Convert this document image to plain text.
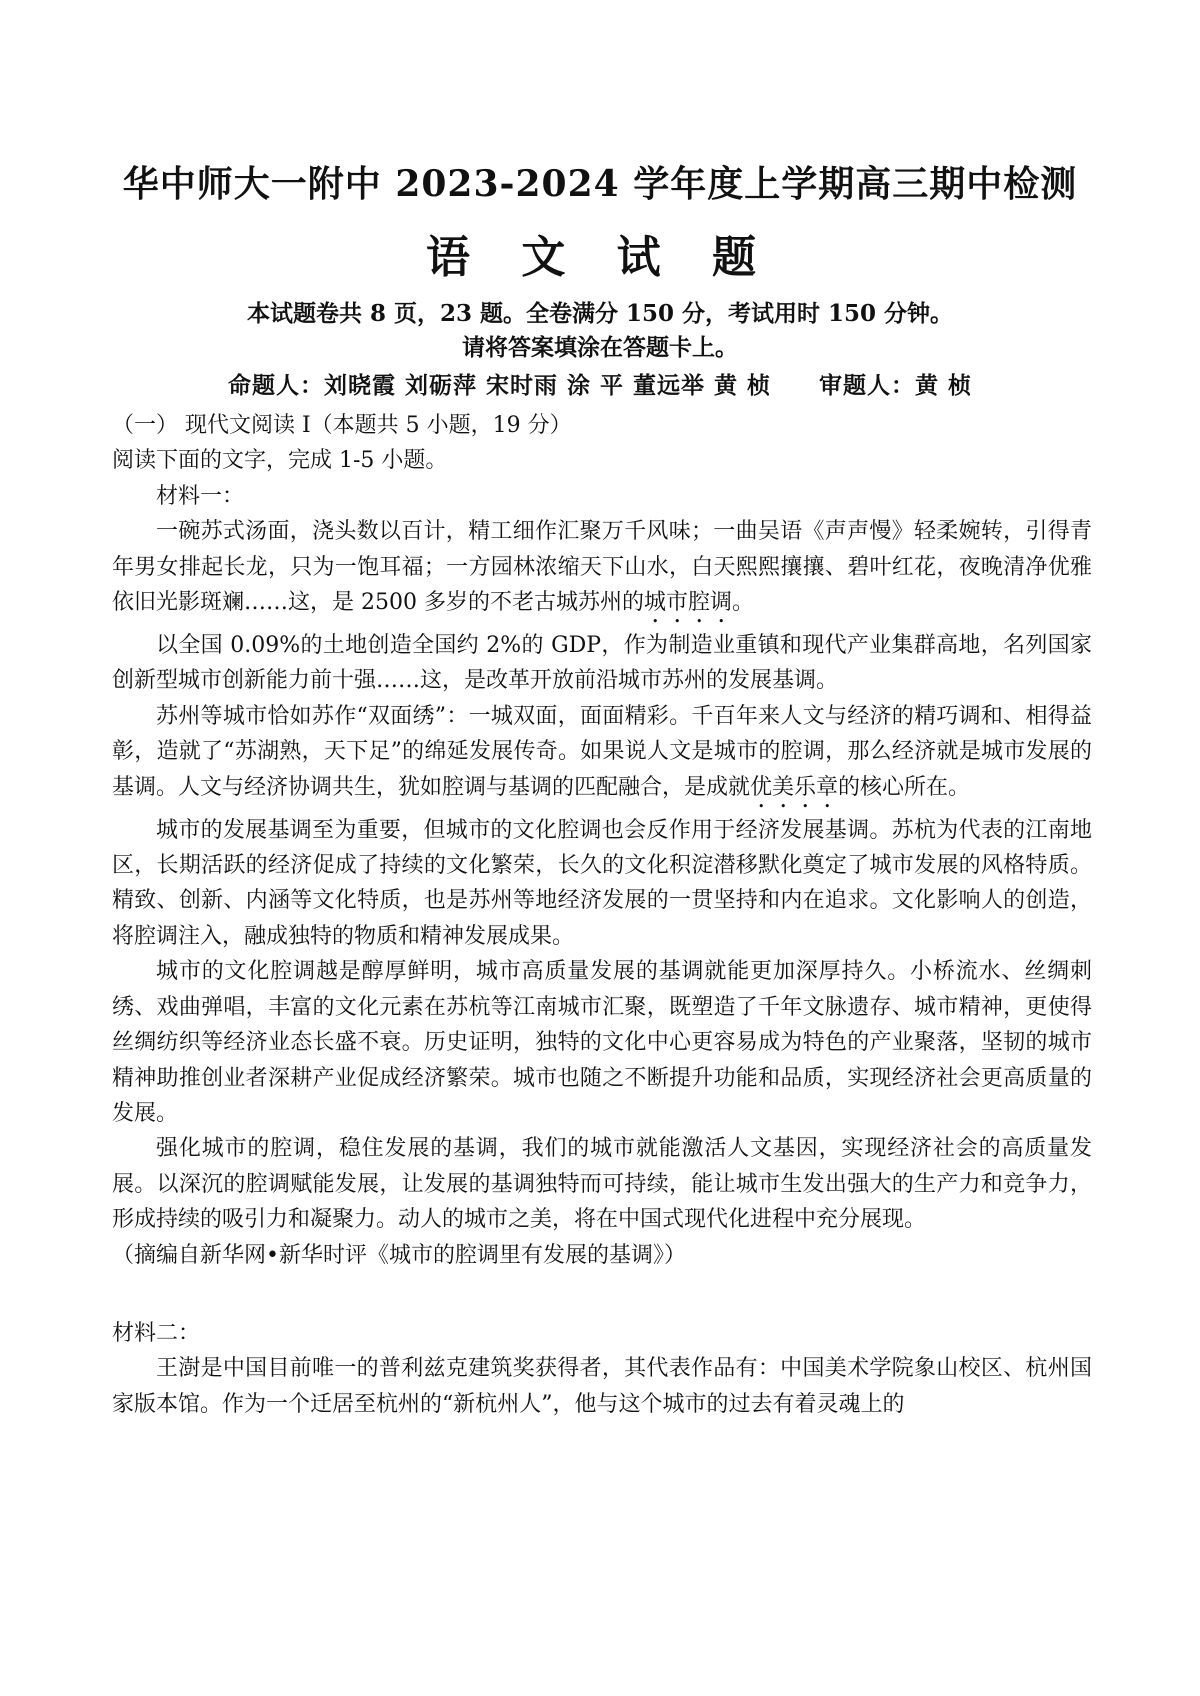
华中师大一附中 2023-2024 学年度上学期高三期中检测
语 文 试 题
本试题卷共 8 页，23 题。全卷满分 150 分，考试用时 150 分钟。
请将答案填涂在答题卡上。
命题人：刘晓霞 刘砺萍 宋时雨 涂 平 董远举 黄 桢　　审题人：黄 桢

（一） 现代文阅读 I（本题共 5 小题，19 分）

阅读下面的文字，完成 1-5 小题。

材料一：

一碗苏式汤面，浇头数以百计，精工细作汇聚万千风味；一曲吴语《声声慢》轻柔婉转，引得青年男女排起长龙，只为一饱耳福；一方园林浓缩天下山水，白天熙熙攘攘、碧叶红花，夜晚清净优雅依旧光影斑斓……这，是 2500 多岁的不老古城苏州的城市腔调。

以全国 0.09%的土地创造全国约 2%的 GDP，作为制造业重镇和现代产业集群高地，名列国家创新型城市创新能力前十强……这，是改革开放前沿城市苏州的发展基调。

苏州等城市恰如苏作“双面绣”：一城双面，面面精彩。千百年来人文与经济的精巧调和、相得益彰，造就了“苏湖熟，天下足”的绵延发展传奇。如果说人文是城市的腔调，那么经济就是城市发展的基调。人文与经济协调共生，犹如腔调与基调的匹配融合，是成就优美乐章的核心所在。

城市的发展基调至为重要，但城市的文化腔调也会反作用于经济发展基调。苏杭为代表的江南地区，长期活跃的经济促成了持续的文化繁荣，长久的文化积淀潜移默化奠定了城市发展的风格特质。精致、创新、内涵等文化特质，也是苏州等地经济发展的一贯坚持和内在追求。文化影响人的创造，将腔调注入，融成独特的物质和精神发展成果。

城市的文化腔调越是醇厚鲜明，城市高质量发展的基调就能更加深厚持久。小桥流水、丝绸刺绣、戏曲弹唱，丰富的文化元素在苏杭等江南城市汇聚，既塑造了千年文脉遗存、城市精神，更使得丝绸纺织等经济业态长盛不衰。历史证明，独特的文化中心更容易成为特色的产业聚落，坚韧的城市精神助推创业者深耕产业促成经济繁荣。城市也随之不断提升功能和品质，实现经济社会更高质量的发展。

强化城市的腔调，稳住发展的基调，我们的城市就能激活人文基因，实现经济社会的高质量发展。以深沉的腔调赋能发展，让发展的基调独特而可持续，能让城市生发出强大的生产力和竞争力，形成持续的吸引力和凝聚力。动人的城市之美，将在中国式现代化进程中充分展现。

（摘编自新华网•新华时评《城市的腔调里有发展的基调》）

材料二：

王澍是中国目前唯一的普利兹克建筑奖获得者，其代表作品有：中国美术学院象山校区、杭州国家版本馆。作为一个迁居至杭州的“新杭州人”，他与这个城市的过去有着灵魂上的
